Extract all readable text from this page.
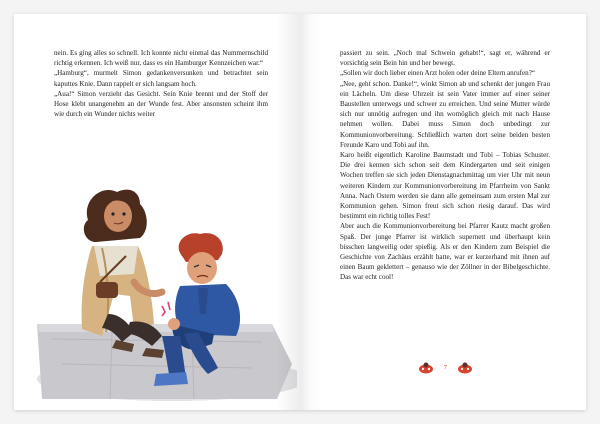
nein. Es ging alles so schnell. Ich konnte nicht einmal das Nummernschild richtig erkennen. Ich weiß nur, dass es ein Hamburger Kennzeichen war.“

„Hamburg“, murmelt Simon gedankenversunken und betrachtet sein kaputtes Knie. Dann rappelt er sich langsam hoch.

„Aua!“ Simon verzieht das Gesicht. Sein Knie brennt und der Stoff der Hose klebt unangenehm an der Wunde fest. Aber ansonsten scheint ihm wie durch ein Wunder nichts weiter

passiert zu sein. „Noch mal Schwein gehabt!“, sagt er, während er vorsichtig sein Bein hin und her bewegt.

„Sollen wir doch lieber einen Arzt holen oder deine Eltern anrufen?“

„Nee, geht schon. Danke!“, winkt Simon ab und schenkt der jungen Frau ein Lächeln. Um diese Uhrzeit ist sein Vater immer auf einer seiner Baustellen unterwegs und schwer zu erreichen. Und seine Mutter würde sich nur unnötig aufregen und ihn womöglich gleich mit nach Hause nehmen wollen. Dabei muss Simon doch unbedingt zur Kommunionvorbereitung. Schließlich warten dort seine beiden besten Freunde Karo und Tobi auf ihn.

Karo heißt eigentlich Karoline Baumstadt und Tobi – Tobias Schuster. Die drei kennen sich schon seit dem Kindergarten und seit einigen Wochen treffen sie sich jeden Dienstagnachmittag um vier Uhr mit neun weiteren Kindern zur Kommunionvorbereitung im Pfarrheim von Sankt Anna. Nach Ostern werden sie dann alle gemeinsam zum ersten Mal zur Kommunion gehen. Simon freut sich schon riesig darauf. Das wird bestimmt ein richtig tolles Fest!

Aber auch die Kommunionvorbereitung bei Pfarrer Kautz macht großen Spaß. Der junge Pfarrer ist wirklich supernett und überhaupt kein bisschen langweilig oder spießig. Als er den Kindern zum Beispiel die Geschichte von Zachäus erzählt hatte, war er kurzerhand mit ihnen auf einen Baum geklettert – genauso wie der Zöllner in der Bibelgeschichte. Das war echt cool!

7
